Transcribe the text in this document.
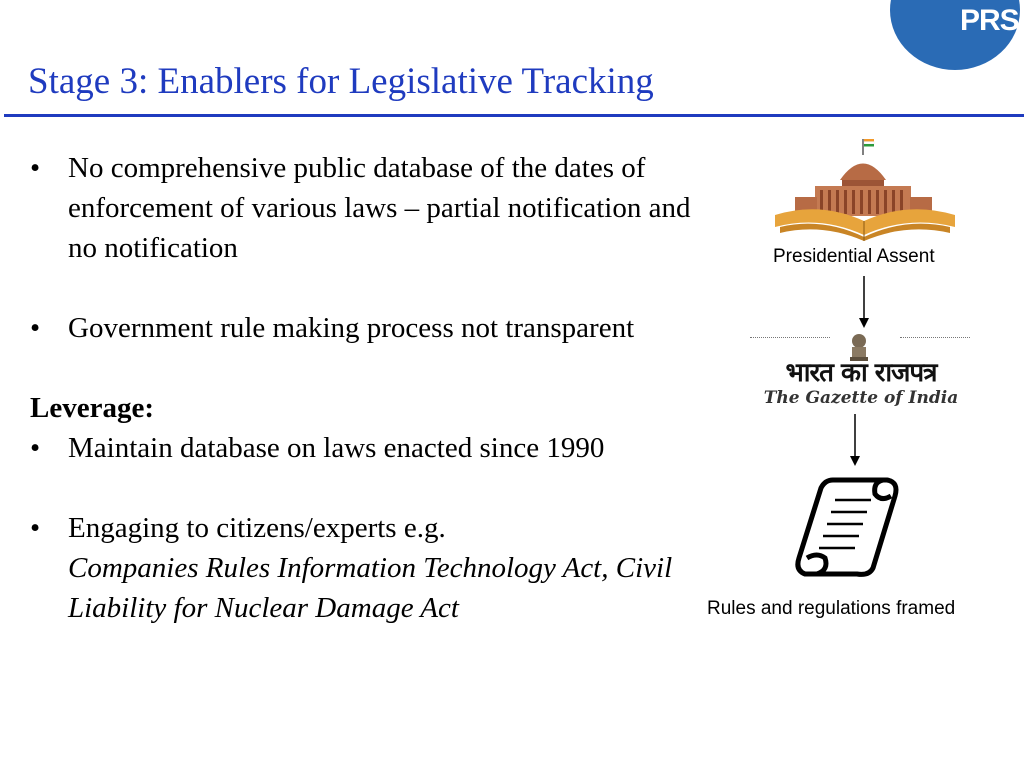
PRS
Stage 3: Enablers for Legislative Tracking
• No comprehensive public database of the dates of enforcement of various laws – partial notification and no notification
• Government rule making process not transparent
Leverage:
• Maintain database on laws enacted since 1990
• Engaging to citizens/experts e.g.
Companies Rules Information Technology Act, Civil Liability for Nuclear Damage Act
Presidential Assent
भारत का राजपत्र
The Gazette of India
Rules and regulations framed
